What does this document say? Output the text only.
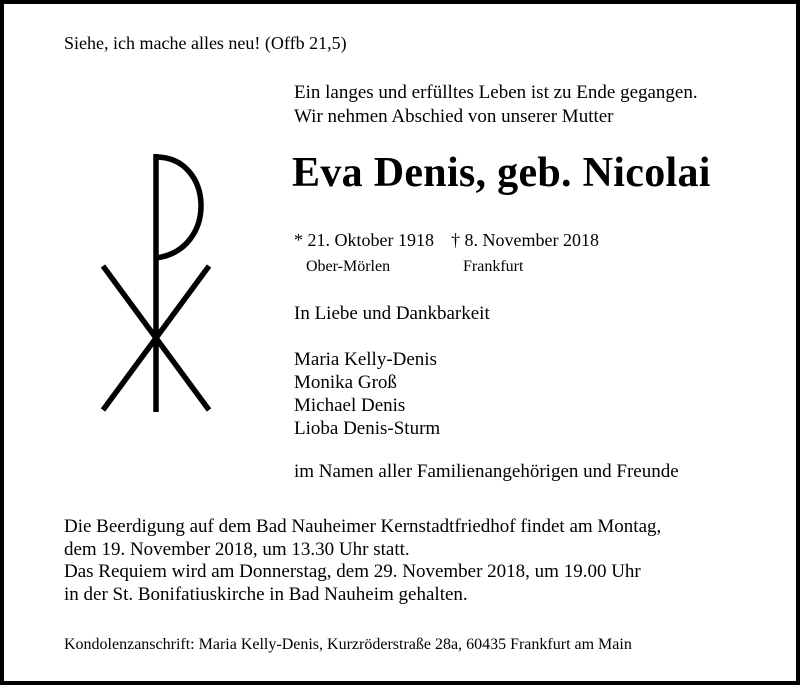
Siehe, ich mache alles neu! (Offb 21,5)
Ein langes und erfülltes Leben ist zu Ende gegangen.
Wir nehmen Abschied von unserer Mutter
Eva Denis, geb. Nicolai
* 21. Oktober 1918 † 8. November 2018
Ober-Mörlen	Frankfurt
In Liebe und Dankbarkeit
Maria Kelly-Denis
Monika Groß
Michael Denis
Lioba Denis-Sturm
im Namen aller Familienangehörigen und Freunde
Die Beerdigung auf dem Bad Nauheimer Kernstadtfriedhof findet am Montag,
dem 19. November 2018, um 13.30 Uhr statt.
Das Requiem wird am Donnerstag, dem 29. November 2018, um 19.00 Uhr
in der St. Bonifatiuskirche in Bad Nauheim gehalten.
Kondolenzanschrift: Maria Kelly-Denis, Kurzröderstraße 28a, 60435 Frankfurt am Main
